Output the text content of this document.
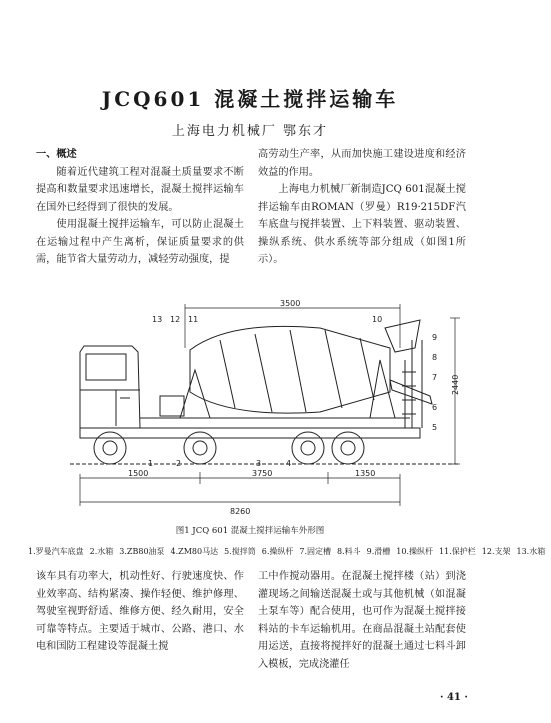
JCQ601 混凝土搅拌运输车
上海电力机械厂 鄂东才

一、概述

随着近代建筑工程对混凝土质量要求不断提高和数量要求迅速增长，混凝土搅拌运输车在国外已经得到了很快的发展。

使用混凝土搅拌运输车，可以防止混凝土在运输过程中产生离析，保证质量要求的供需，能节省大量劳动力，减轻劳动强度，提

高劳动生产率，从而加快施工建设进度和经济效益的作用。

上海电力机械厂新制造JCQ 601混凝土搅拌运输车由ROMAN（罗曼）R19·215DF汽车底盘与搅拌装置、上下料装置、驱动装置、操纵系统、供水系统等部分组成（如图1所示）。

3500
2440
1500	3750	1350
8260
13 12 11	10
9
8
7
6
5
1	2	3	4
图1 JCQ 601 混凝土搅拌运输车外形图
1.罗曼汽车底盘 2.水箱 3.ZB80油泵 4.ZM80马达 5.搅拌筒 6.操纵杆 7.固定槽 8.料斗 9.滑槽 10.操纵杆 11.保护栏 12.支架 13.水箱

该车具有功率大，机动性好、行驶速度快、作业效率高、结构紧凑、操作轻便、维护修理、驾驶室视野舒适、维修方便、经久耐用，安全可靠等特点。主要适于城市、公路、港口、水电和国防工程建设等混凝土搅

工中作搅动器用。在混凝土搅拌楼（站）到浇灌现场之间输送混凝土或与其他机械（如混凝土泵车等）配合使用，也可作为混凝土搅拌接料站的卡车运输机用。在商品混凝土站配套使用运送，直接将搅拌好的混凝土通过七料斗卸入模板，完成浇灌任

· 41 ·
